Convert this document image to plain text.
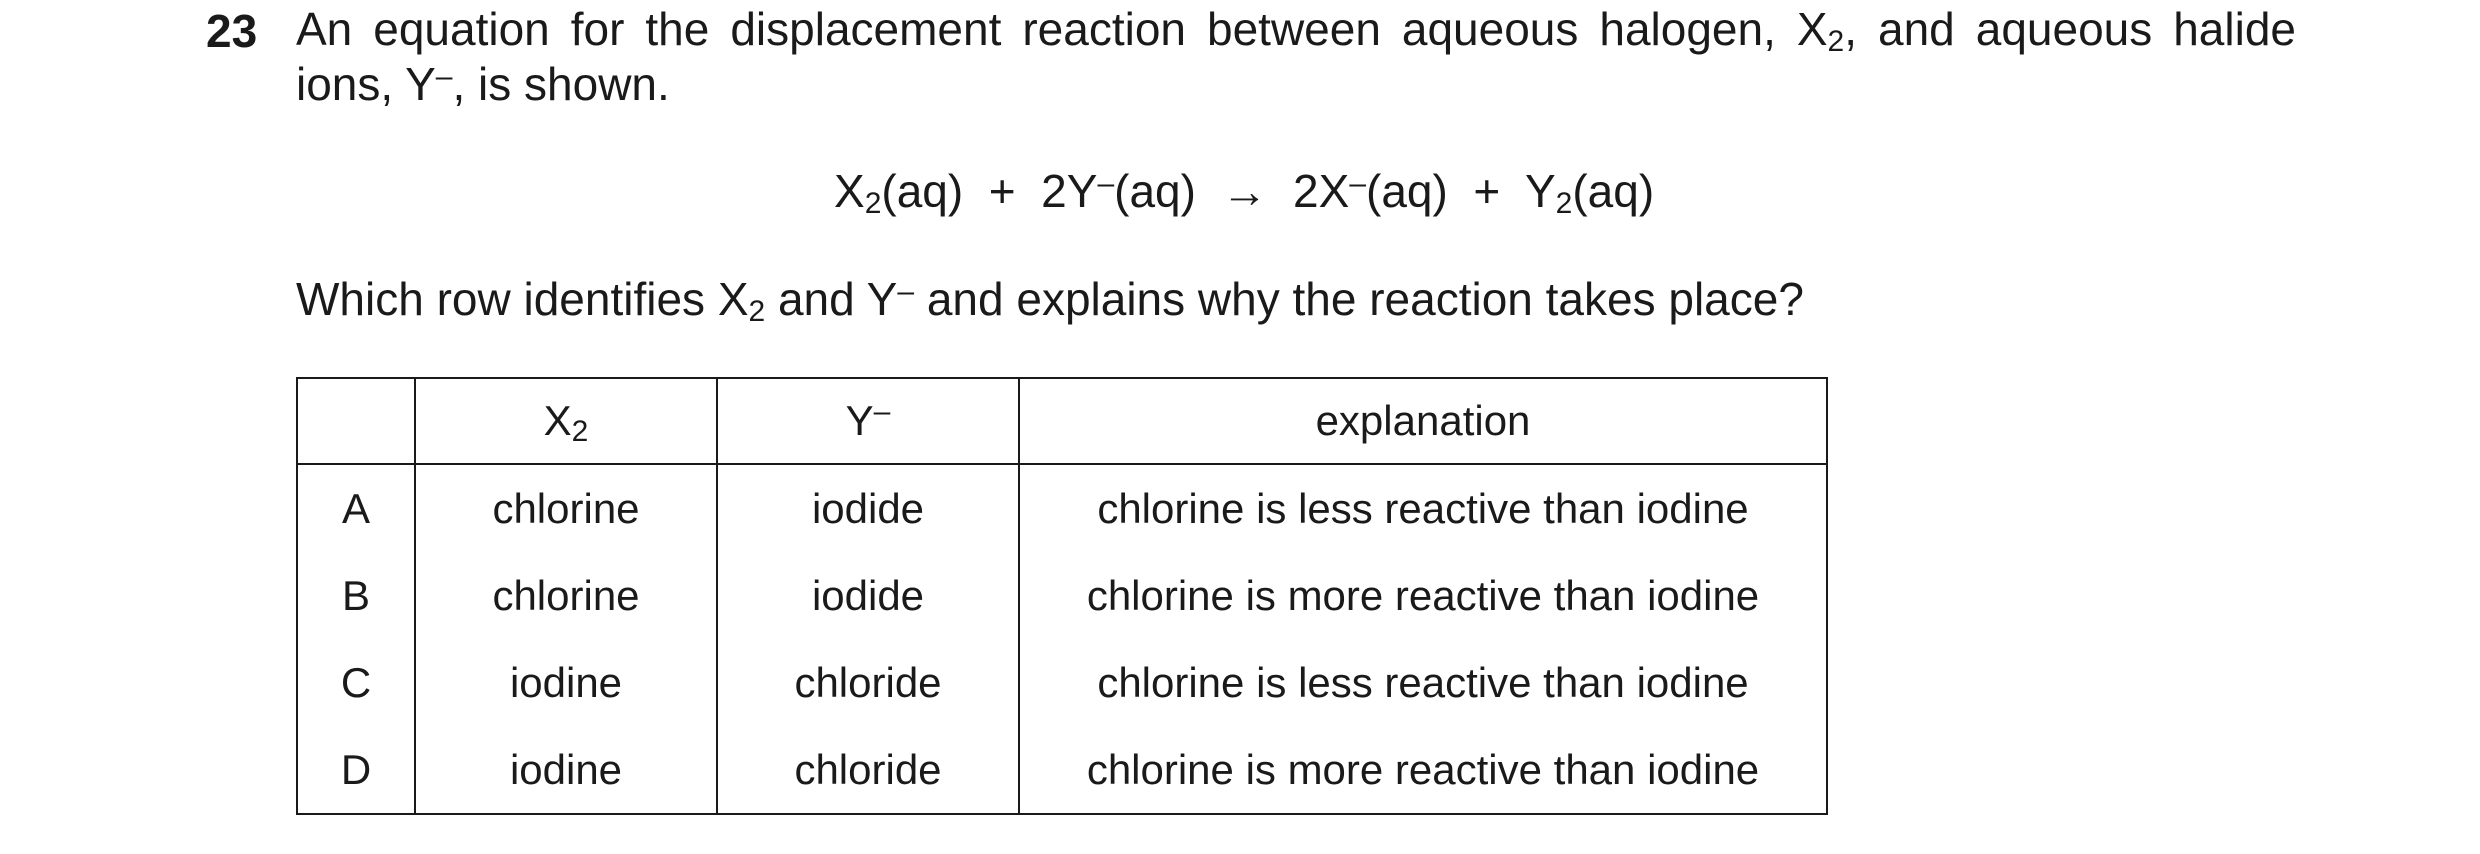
23 An equation for the displacement reaction between aqueous halogen, $X_2$, and aqueous halide ions, Y–, is shown.
$X_2(aq) + 2Y^-(aq) \to 2X^-(aq) + Y_2(aq)$
Which row identifies $X_2$ and Y– and explains why the reaction takes place?
	$X_2$	Y–	explanation
A	chlorine	iodide	chlorine is less reactive than iodine
B	chlorine	iodide	chlorine is more reactive than iodine
C	iodine	chloride	chlorine is less reactive than iodine
D	iodine	chloride	chlorine is more reactive than iodine
